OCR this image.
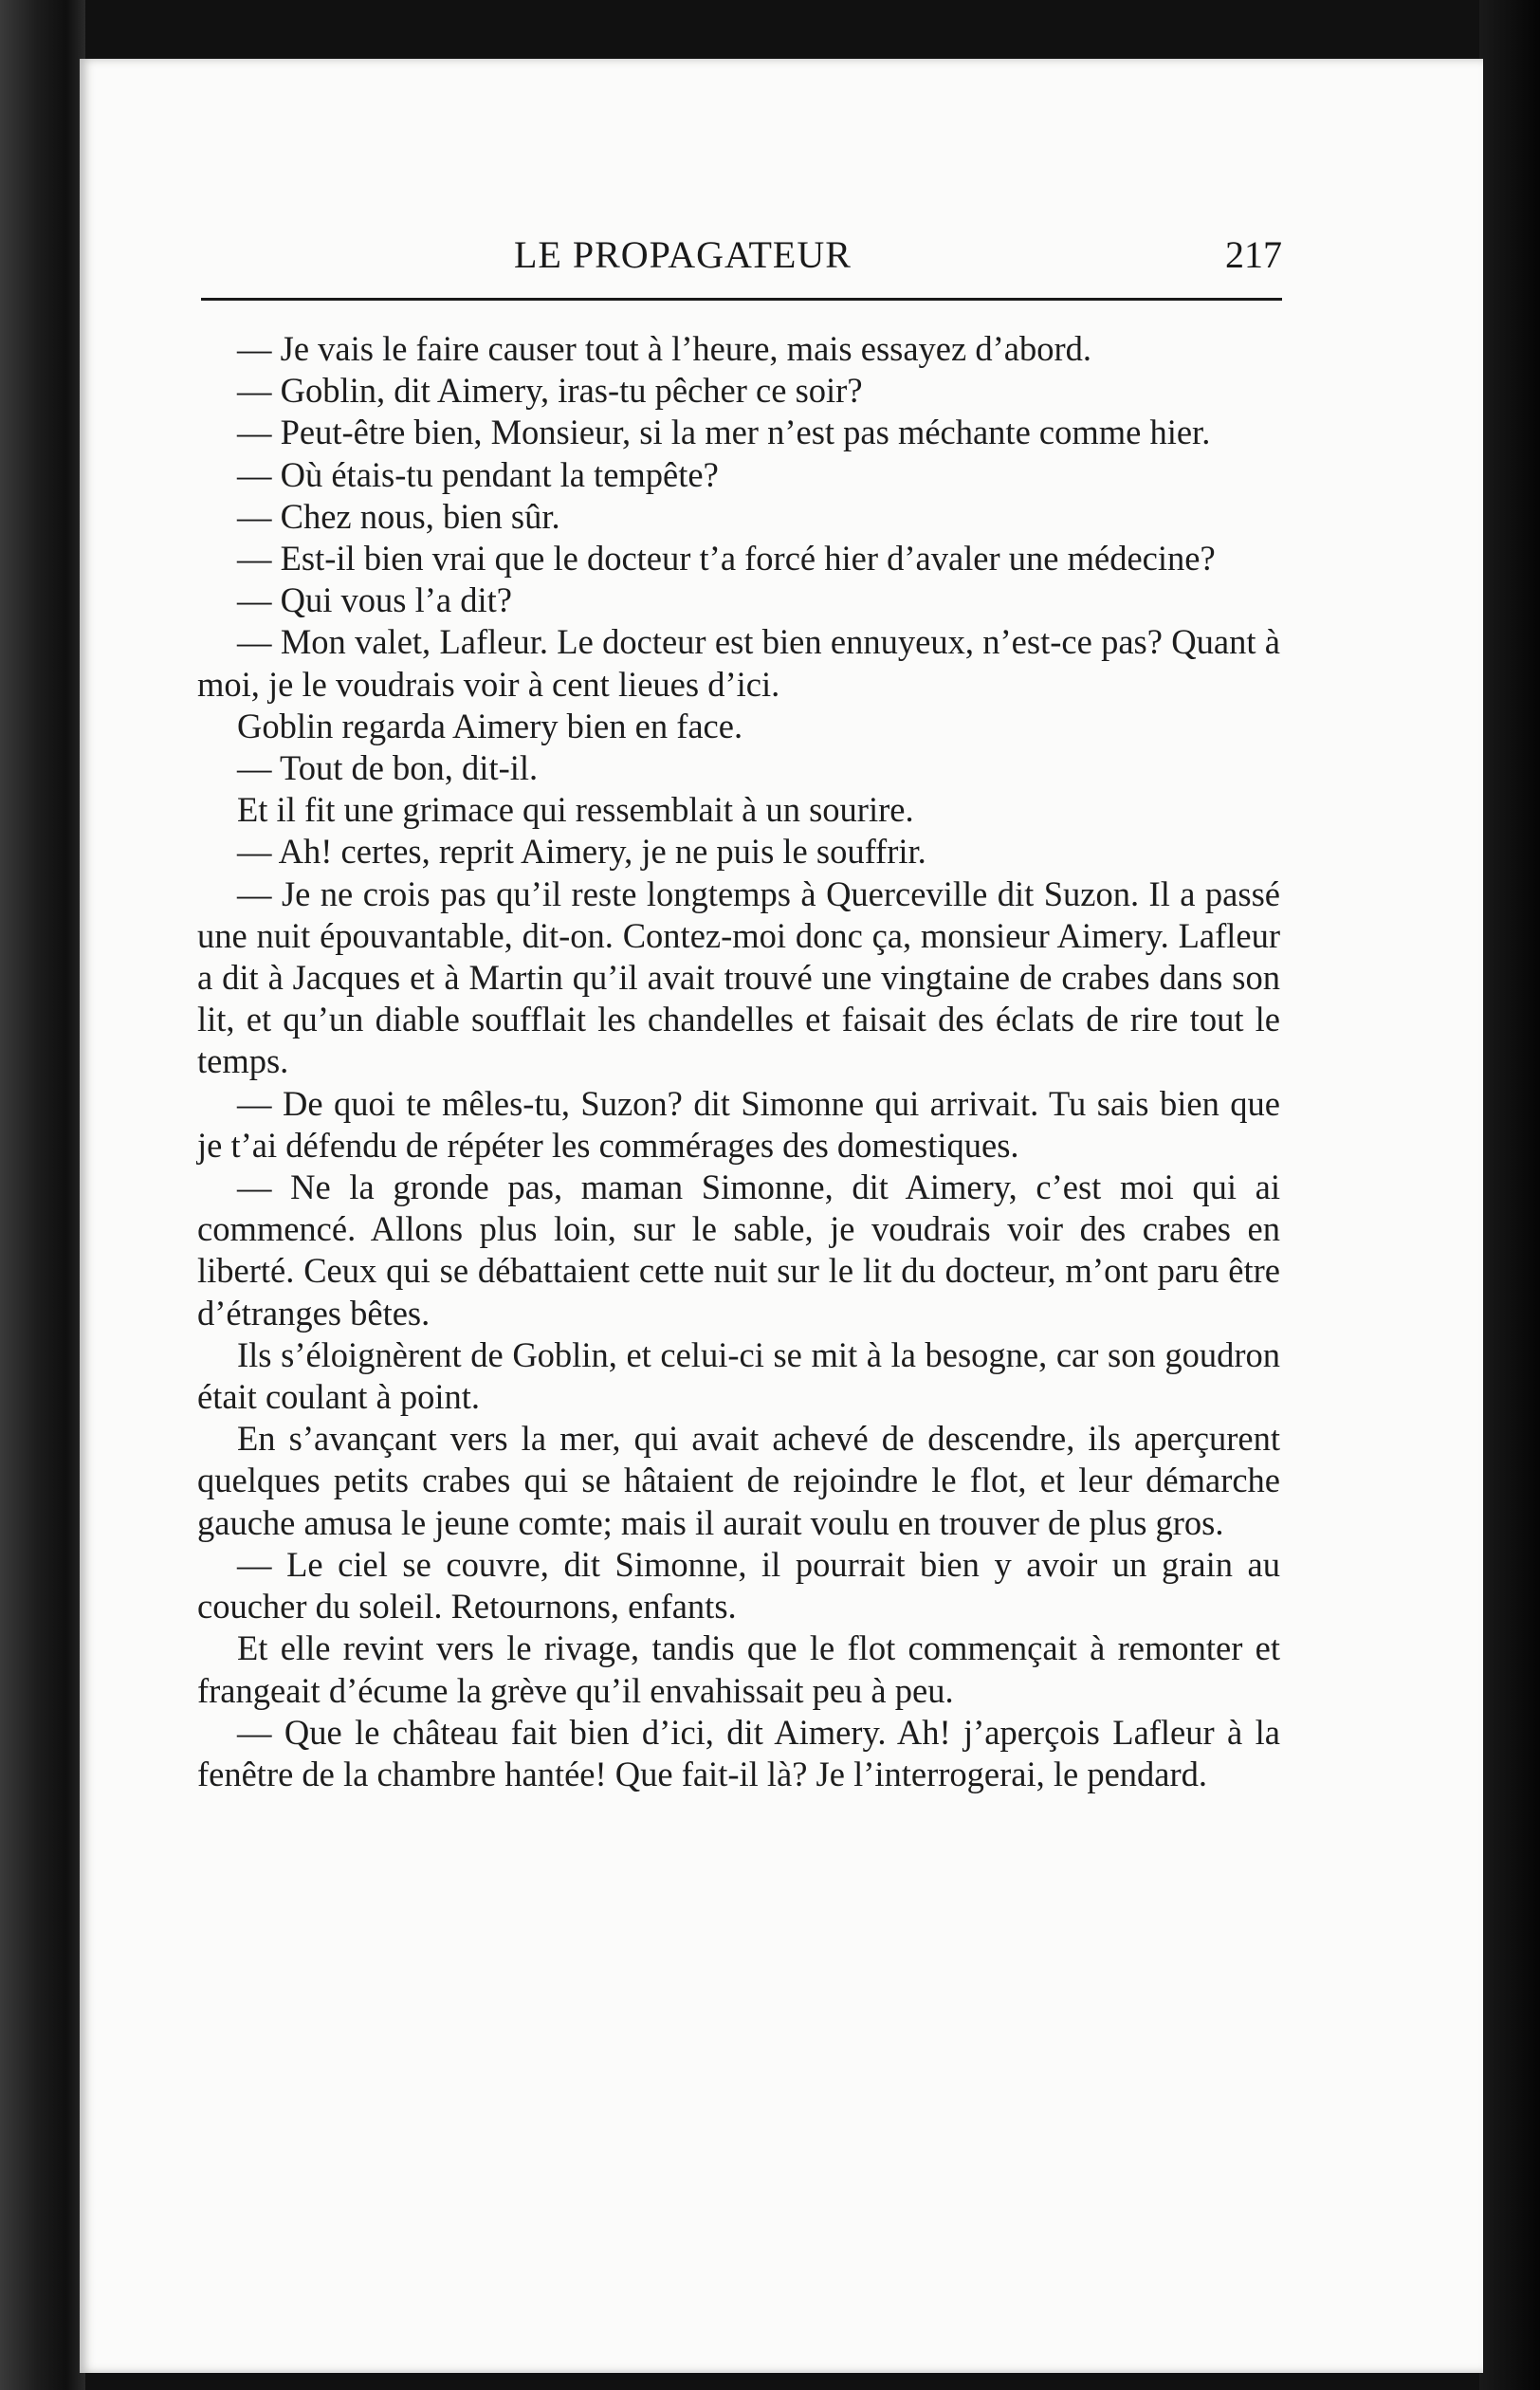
LE PROPAGATEUR	217

— Je vais le faire causer tout à l’heure, mais essayez d’abord.

— Goblin, dit Aimery, iras-tu pêcher ce soir?

— Peut-être bien, Monsieur, si la mer n’est pas méchante comme hier.

— Où étais-tu pendant la tempête?

— Chez nous, bien sûr.

— Est-il bien vrai que le docteur t’a forcé hier d’avaler une médecine?

— Qui vous l’a dit?

— Mon valet, Lafleur. Le docteur est bien ennuyeux, n’est-ce pas? Quant à moi, je le voudrais voir à cent lieues d’ici.

Goblin regarda Aimery bien en face.

— Tout de bon, dit-il.

Et il fit une grimace qui ressemblait à un sourire.

— Ah! certes, reprit Aimery, je ne puis le souffrir.

— Je ne crois pas qu’il reste longtemps à Querceville dit Suzon. Il a passé une nuit épouvantable, dit-on. Contez-moi donc ça, monsieur Aimery. Lafleur a dit à Jacques et à Martin qu’il avait trouvé une vingtaine de crabes dans son lit, et qu’un diable soufflait les chandelles et faisait des éclats de rire tout le temps.

— De quoi te mêles-tu, Suzon? dit Simonne qui arrivait. Tu sais bien que je t’ai défendu de répéter les commérages des domestiques.

— Ne la gronde pas, maman Simonne, dit Aimery, c’est moi qui ai commencé. Allons plus loin, sur le sable, je voudrais voir des crabes en liberté. Ceux qui se débattaient cette nuit sur le lit du docteur, m’ont paru être d’étranges bêtes.

Ils s’éloignèrent de Goblin, et celui-ci se mit à la besogne, car son goudron était coulant à point.

En s’avançant vers la mer, qui avait achevé de descendre, ils aperçurent quelques petits crabes qui se hâtaient de rejoindre le flot, et leur démarche gauche amusa le jeune comte; mais il aurait voulu en trouver de plus gros.

— Le ciel se couvre, dit Simonne, il pourrait bien y avoir un grain au coucher du soleil. Retournons, enfants.

Et elle revint vers le rivage, tandis que le flot commençait à remonter et frangeait d’écume la grève qu’il envahissait peu à peu.

— Que le château fait bien d’ici, dit Aimery. Ah! j’aperçois Lafleur à la fenêtre de la chambre hantée! Que fait-il là? Je l’interrogerai, le pendard.
